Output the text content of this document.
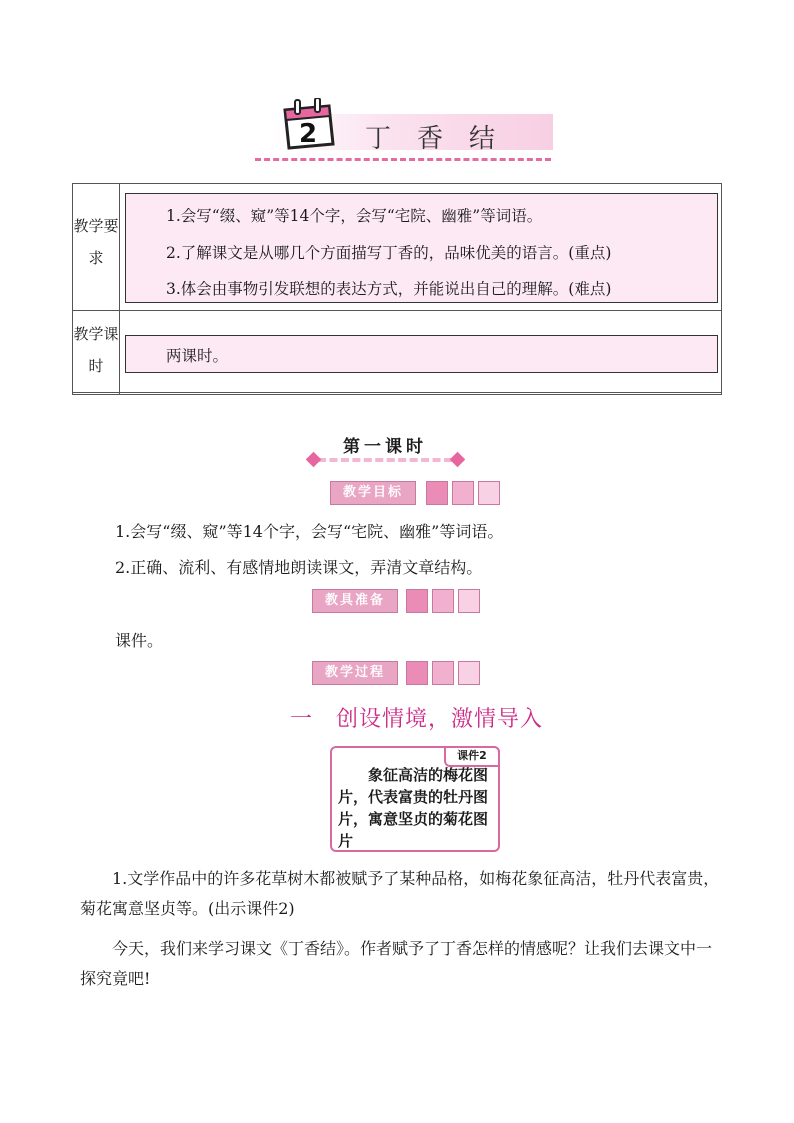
2 丁香结
教学要求
1.会写“缀、窥”等14个字，会写“宅院、幽雅”等词语。
2.了解课文是从哪几个方面描写丁香的，品味优美的语言。(重点)
3.体会由事物引发联想的表达方式，并能说出自己的理解。(难点)
教学课时
两课时。
第一课时
教学目标
1.会写“缀、窥”等14个字，会写“宅院、幽雅”等词语。
2.正确、流利、有感情地朗读课文，弄清文章结构。
教具准备
课件。
教学过程
一　创设情境，激情导入
课件2
象征高洁的梅花图片，代表富贵的牡丹图片，寓意坚贞的菊花图片
1.文学作品中的许多花草树木都被赋予了某种品格，如梅花象征高洁，牡丹代表富贵，菊花寓意坚贞等。(出示课件2)
今天，我们来学习课文《丁香结》。作者赋予了丁香怎样的情感呢？让我们去课文中一探究竟吧!
